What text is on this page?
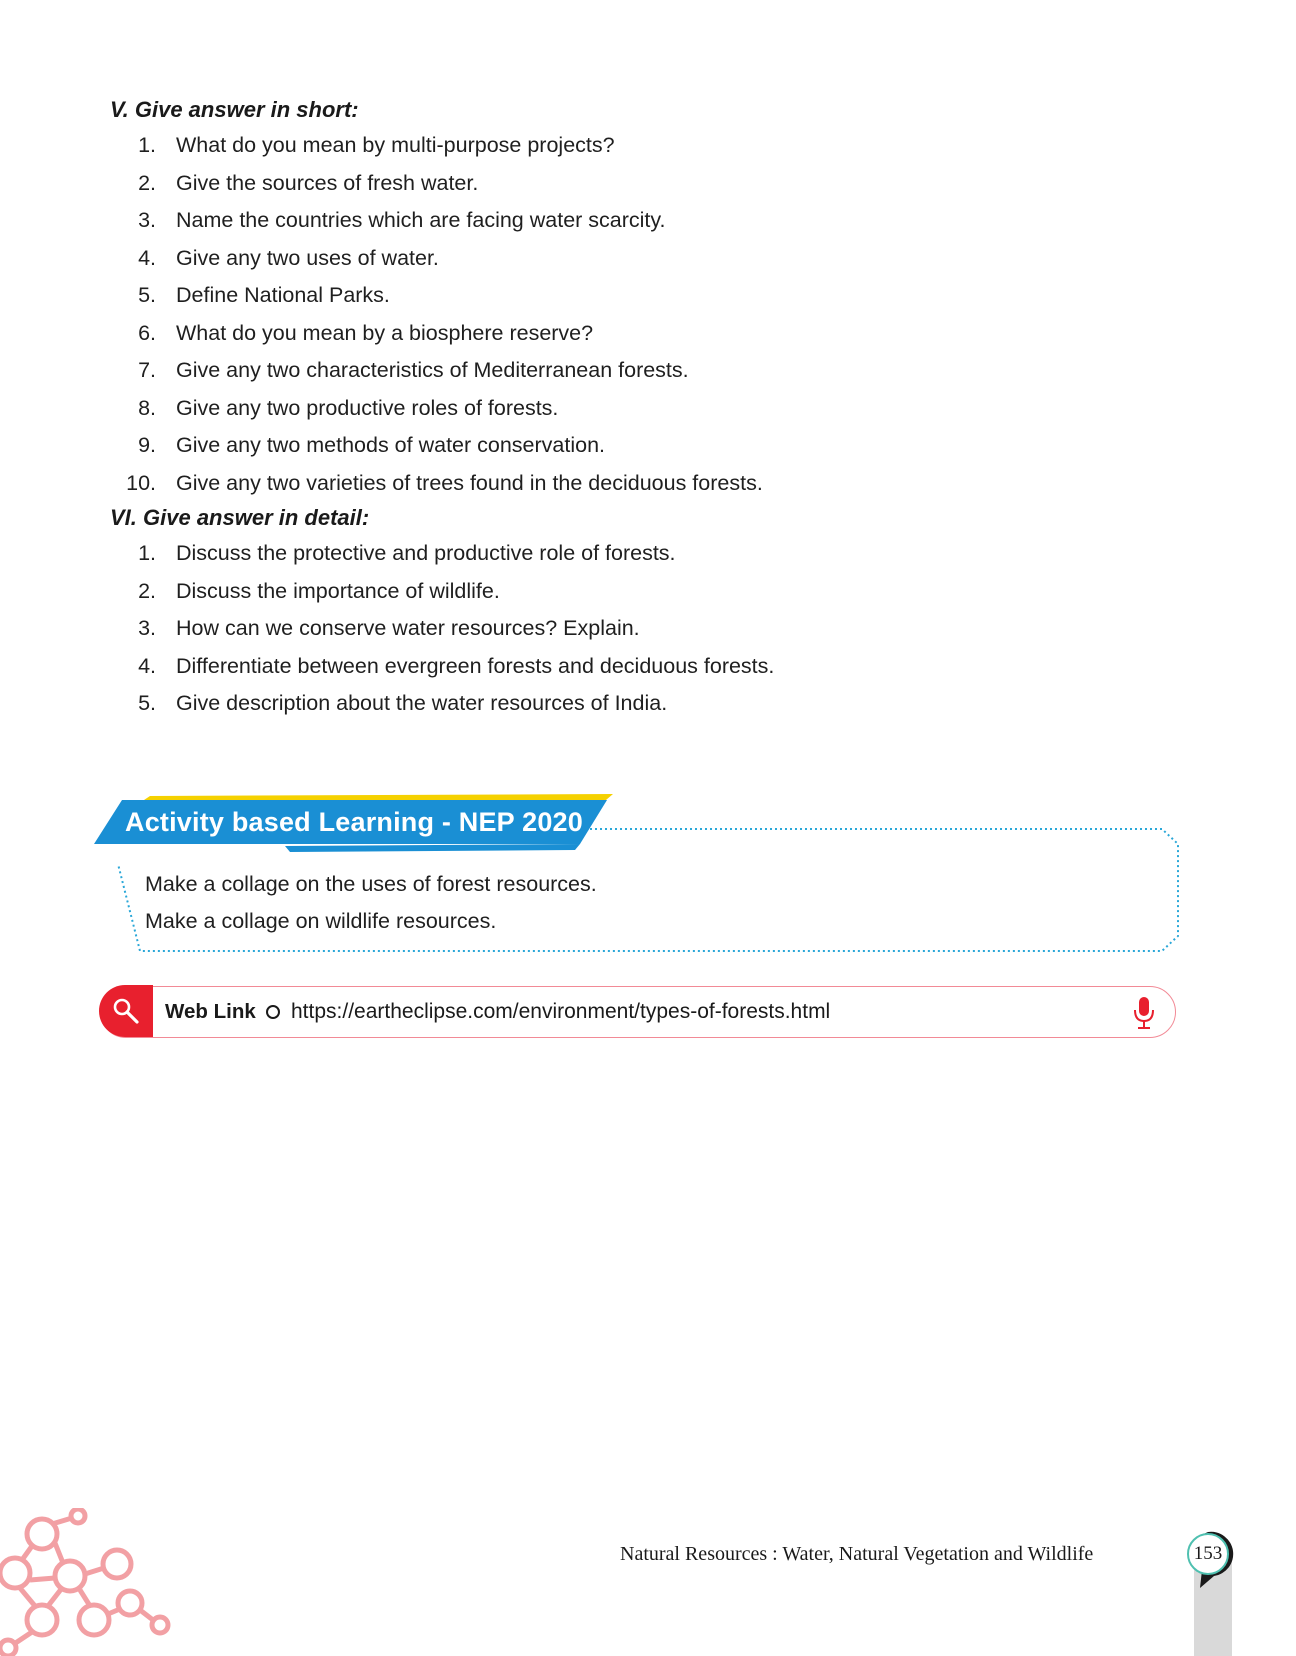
V. Give answer in short:
1. What do you mean by multi-purpose projects?
2. Give the sources of fresh water.
3. Name the countries which are facing water scarcity.
4. Give any two uses of water.
5. Define National Parks.
6. What do you mean by a biosphere reserve?
7. Give any two characteristics of Mediterranean forests.
8. Give any two productive roles of forests.
9. Give any two methods of water conservation.
10. Give any two varieties of trees found in the deciduous forests.
VI. Give answer in detail:
1. Discuss the protective and productive role of forests.
2. Discuss the importance of wildlife.
3. How can we conserve water resources? Explain.
4. Differentiate between evergreen forests and deciduous forests.
5. Give description about the water resources of India.
Activity based Learning - NEP 2020
Make a collage on the uses of forest resources.
Make a collage on wildlife resources.
Web Link https://eartheclipse.com/environment/types-of-forests.html
Natural Resources : Water, Natural Vegetation and Wildlife	153
